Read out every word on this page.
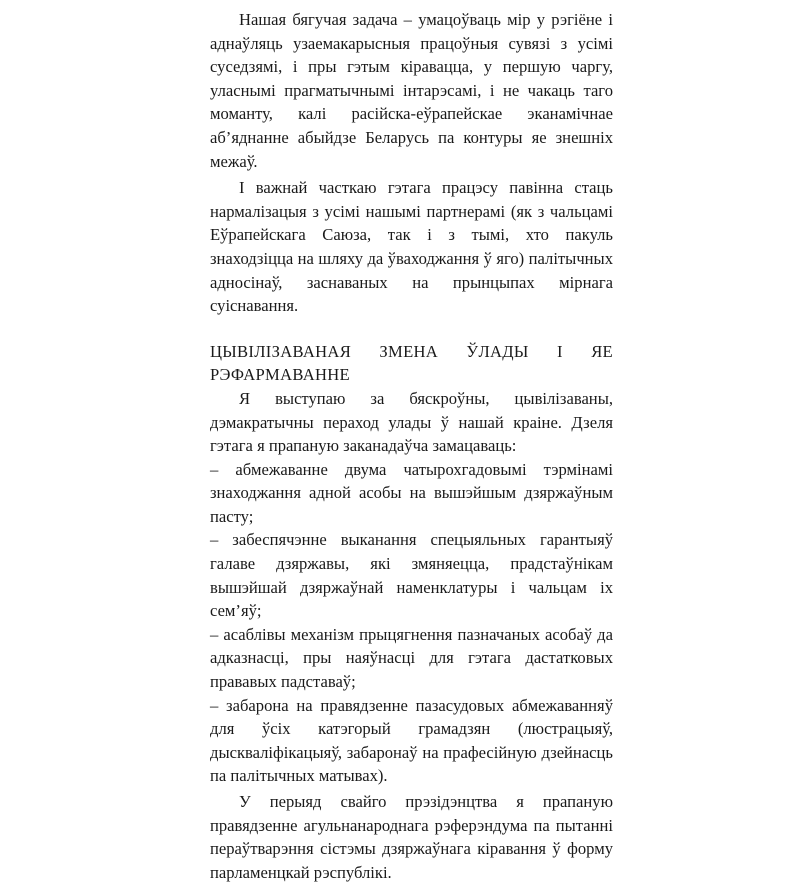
Нашая бягучая задача – умацоўваць мір у рэгіёне і аднаўляць узаемакарысныя працоўныя сувязі з усімі суседзямі, і пры гэтым кіравацца, у першую чаргу, уласнымі прагматычнымі інтарэсамі, і не чакаць таго моманту, калі расійска-еўрапейскае эканамічнае аб’яднанне абыйдзе Беларусь па контуры яе знешніх межаў.

І важнай часткаю гэтага працэсу павінна стаць нармалізацыя з усімі нашымі партнерамі (як з чальцамі Еўрапейскага Саюза, так і з тымі, хто пакуль знаходзіцца на шляху да ўваходжання ў яго) палітычных адносінаў, заснаваных на прынцыпах мірнага суіснавання.

ЦЫВІЛІЗАВАНАЯ ЗМЕНА ЎЛАДЫ І ЯЕ
РЭФАРМАВАННЕ

Я выступаю за бяскроўны, цывілізаваны, дэмакратычны пераход улады ў нашай краіне. Дзеля гэтага я прапаную заканадаўча замацаваць:

– абмежаванне двума чатырохгадовымі тэрмінамі знаходжання адной асобы на вышэйшым дзяржаўным пасту;

– забеспячэнне выканання спецыяльных гарантыяў галаве дзяржавы, які змяняецца, прадстаўнікам вышэйшай дзяржаўнай наменклатуры і чальцам іх сем’яў;

– асаблівы механізм прыцягнення пазначаных асобаў да адказнасці, пры наяўнасці для гэтага дастатковых прававых падставаў;

– забарона на правядзенне пазасудовых абмежаванняў для ўсіх катэгорый грамадзян (люстрацыяў, дыскваліфікацыяў, забаронаў на прафесійную дзейнасць па палітычных матывах).

У перыяд свайго прэзідэнцтва я прапаную правядзенне агульнанароднага рэферэндума па пытанні пераўтварэння сістэмы дзяржаўнага кіравання ў форму парламенцкай рэспублікі.
